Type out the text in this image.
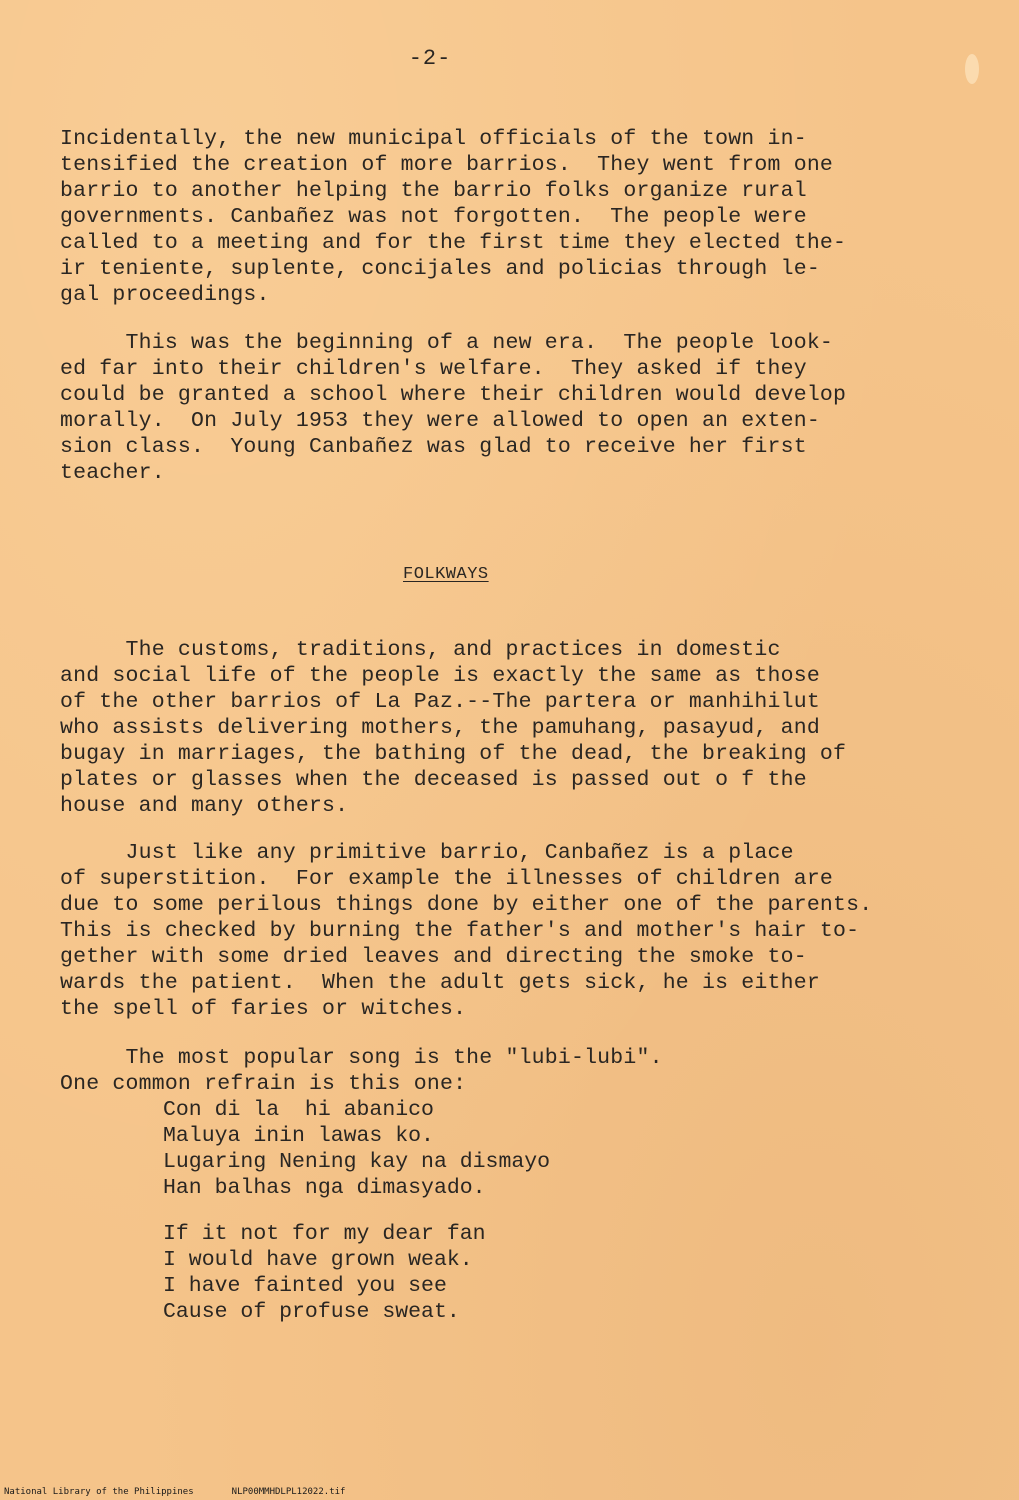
-2-
Incidentally, the new municipal officials of the town in-
tensified the creation of more barrios.  They went from one
barrio to another helping the barrio folks organize rural
governments. Canbañez was not forgotten.  The people were
called to a meeting and for the first time they elected the-
ir teniente, suplente, concijales and policias through le-
gal proceedings.
This was the beginning of a new era.  The people look-
ed far into their children's welfare.  They asked if they
could be granted a school where their children would develop
morally.  On July 1953 they were allowed to open an exten-
sion class.  Young Canbañez was glad to receive her first
teacher.
FOLKWAYS
The customs, traditions, and practices in domestic
and social life of the people is exactly the same as those
of the other barrios of La Paz.--The partera or manhihilut
who assists delivering mothers, the pamuhang, pasayud, and
bugay in marriages, the bathing of the dead, the breaking of
plates or glasses when the deceased is passed out o f the
house and many others.
Just like any primitive barrio, Canbañez is a place
of superstition.  For example the illnesses of children are
due to some perilous things done by either one of the parents.
This is checked by burning the father's and mother's hair to-
gether with some dried leaves and directing the smoke to-
wards the patient.  When the adult gets sick, he is either
the spell of faries or witches.
The most popular song is the "lubi-lubi".
One common refrain is this one:
Con di la  hi abanico
Maluya inin lawas ko.
Lugaring Nening kay na dismayo
Han balhas nga dimasyado.
If it not for my dear fan
I would have grown weak.
I have fainted you see
Cause of profuse sweat.
National Library of the Philippines	NLP00MMHDLPL12022.tif
